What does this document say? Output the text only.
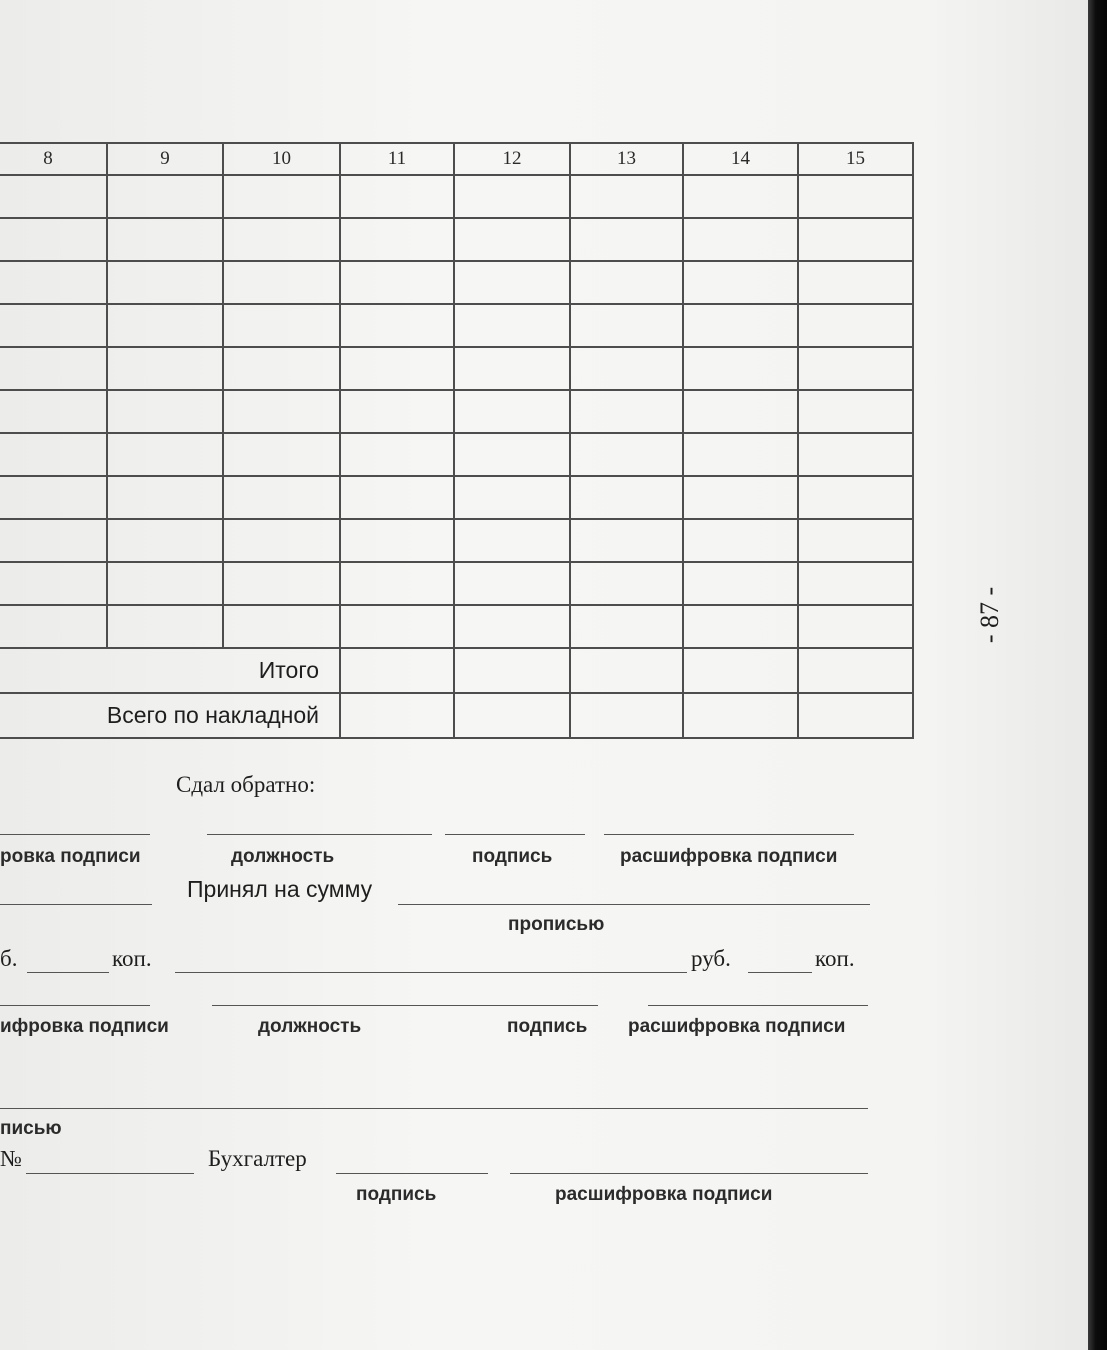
8	9	10	11	12	13	14	15

Итого							
Всего по накладной							
Сдал обратно:
ровка подписи	должность	подпись	расшифровка подписи
Принял на сумму
прописью
б.	коп.	руб.	коп.
ифровка подписи	должность	подпись расшифровка подписи
писью
№	Бухгалтер
подпись	расшифровка подписи
- 87 -
